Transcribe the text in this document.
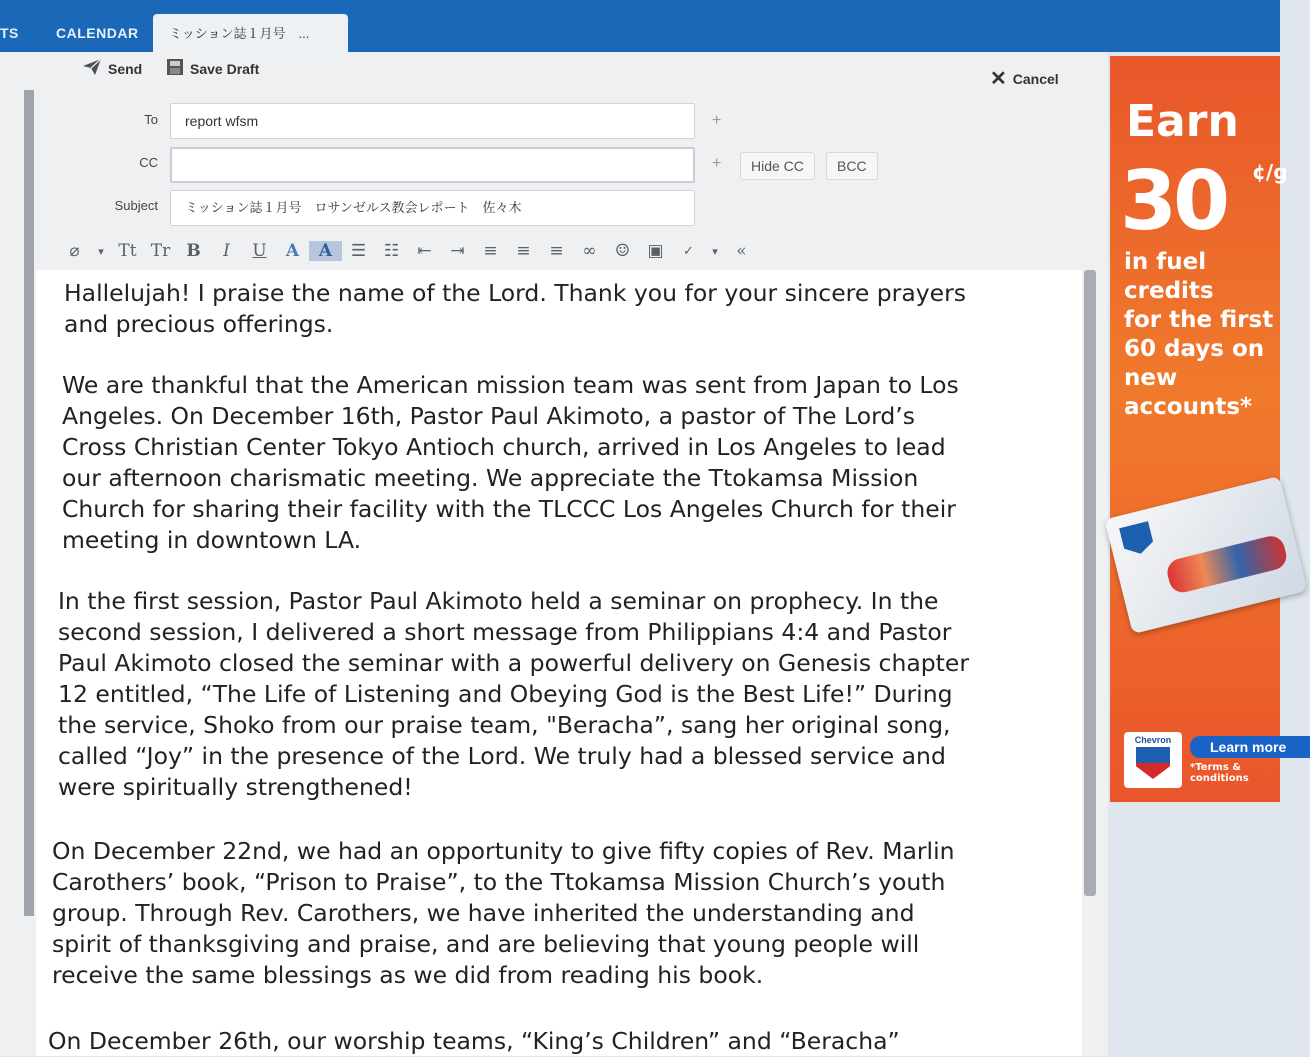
TS	CALENDAR	ミッション誌１月号　...
Send	Save Draft	✕ Cancel
To	report wfsm	+
CC	+	Hide CC	BCC
Subject	ミッション誌１月号　ロサンゼルス教会レポート　佐々木
⌀	▾ Tt Tr B	I	U	A	A	☰	☷	⇤	⇥	≡	≡	≡	∞	☺	▣	✓	▾	«
Hallelujah! I praise the name of the Lord. Thank you for your sincere prayers
and precious offerings.
We are thankful that the American mission team was sent from Japan to Los
Angeles. On December 16th, Pastor Paul Akimoto, a pastor of The Lord’s
Cross Christian Center Tokyo Antioch church, arrived in Los Angeles to lead
our afternoon charismatic meeting. We appreciate the Ttokamsa Mission
Church for sharing their facility with the TLCCC Los Angeles Church for their
meeting in downtown LA.
In the first session, Pastor Paul Akimoto held a seminar on prophecy. In the
second session, I delivered a short message from Philippians 4:4 and Pastor
Paul Akimoto closed the seminar with a powerful delivery on Genesis chapter
12 entitled, “The Life of Listening and Obeying God is the Best Life!” During
the service, Shoko from our praise team, "Beracha”, sang her original song,
called “Joy” in the presence of the Lord. We truly had a blessed service and
were spiritually strengthened!
On December 22nd, we had an opportunity to give fifty copies of Rev. Marlin
Carothers’ book, “Prison to Praise”, to the Ttokamsa Mission Church’s youth
group. Through Rev. Carothers, we have inherited the understanding and
spirit of thanksgiving and praise, and are believing that young people will
receive the same blessings as we did from reading his book.
On December 26th, our worship teams, “King’s Children” and “Beracha”
Earn
30 ¢/g
in fuel credits
for the first
60 days on
new accounts*
Chevron	Learn more
*Terms & conditions
